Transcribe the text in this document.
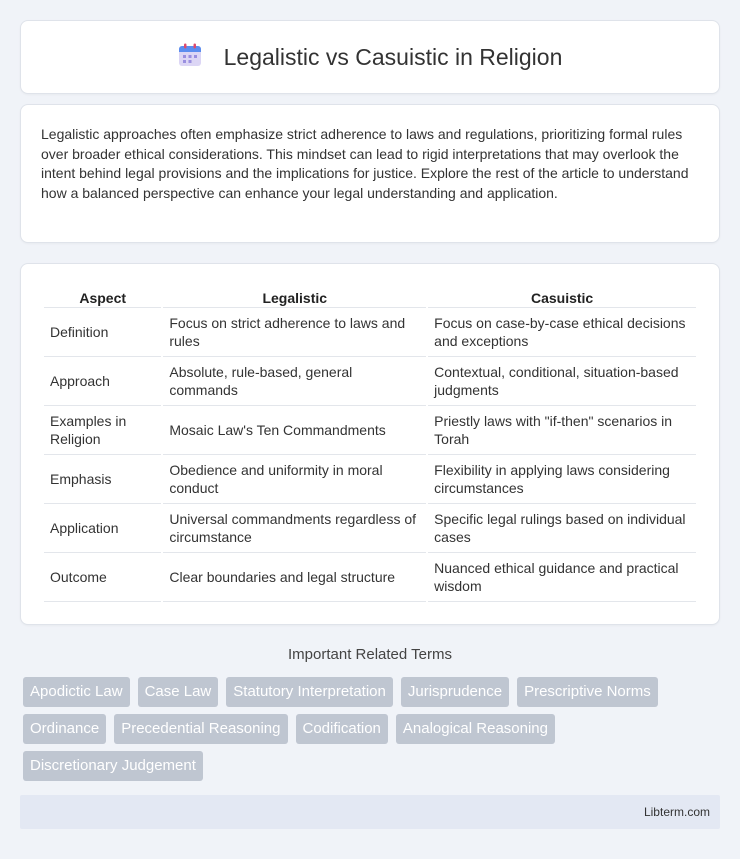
Legalistic vs Casuistic in Religion

Legalistic approaches often emphasize strict adherence to laws and regulations, prioritizing formal rules over broader ethical considerations. This mindset can lead to rigid interpretations that may overlook the intent behind legal provisions and the implications for justice. Explore the rest of the article to understand how a balanced perspective can enhance your legal understanding and application.

Aspect	Legalistic	Casuistic
Definition	Focus on strict adherence to laws and rules	Focus on case-by-case ethical decisions and exceptions
Approach	Absolute, rule-based, general commands	Contextual, conditional, situation-based judgments
Examples in Religion	Mosaic Law's Ten Commandments	Priestly laws with "if-then" scenarios in Torah
Emphasis	Obedience and uniformity in moral conduct	Flexibility in applying laws considering circumstances
Application	Universal commandments regardless of circumstance	Specific legal rulings based on individual cases
Outcome	Clear boundaries and legal structure	Nuanced ethical guidance and practical wisdom
Important Related Terms
Apodictic Law	Case Law	Statutory Interpretation	Jurisprudence	Prescriptive Norms
Ordinance	Precedential Reasoning	Codification	Analogical Reasoning
Discretionary Judgement
Libterm.com
